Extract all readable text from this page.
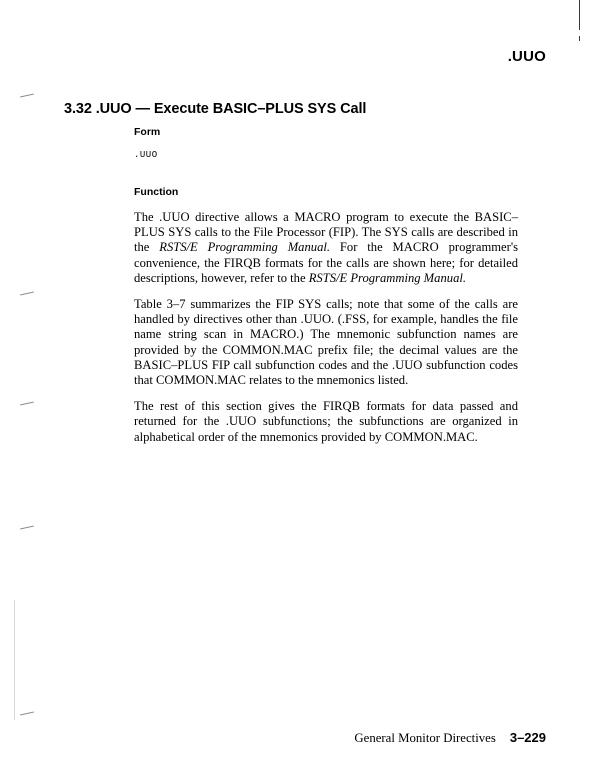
.UUO
3.32 .UUO — Execute BASIC–PLUS SYS Call
Form
.UUO
Function

The .UUO directive allows a MACRO program to execute the BASIC–PLUS SYS calls to the File Processor (FIP). The SYS calls are described in the RSTS/E Programming Manual. For the MACRO programmer's convenience, the FIRQB formats for the calls are shown here; for detailed descriptions, however, refer to the RSTS/E Programming Manual.

Table 3–7 summarizes the FIP SYS calls; note that some of the calls are handled by directives other than .UUO. (.FSS, for example, handles the file name string scan in MACRO.) The mnemonic subfunction names are provided by the COMMON.MAC prefix file; the decimal values are the BASIC–PLUS FIP call subfunction codes and the .UUO subfunction codes that COMMON.MAC relates to the mnemonics listed.

The rest of this section gives the FIRQB formats for data passed and returned for the .UUO subfunctions; the subfunctions are organized in alphabetical order of the mnemonics provided by COMMON.MAC.

General Monitor Directives 3–229
